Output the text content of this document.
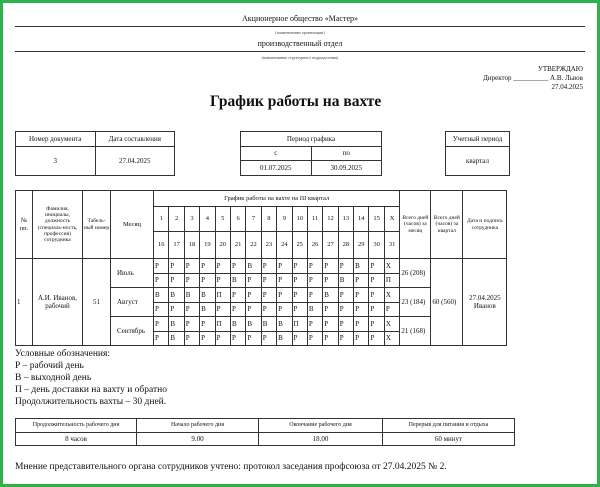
Акционерное общество «Мастер»
(наименование организации)
производственный отдел
(наименование структурного подразделения)
УТВЕРЖДАЮ
Директор __________ А.В. Львов
27.04.2025
График работы на вахте
Номер документа	Дата составления
3	27.04.2025
Период графика	
с	по
01.07.2025	30.09.2025
Учетный период
квартал
№ пп.	Фамилия, инициалы, должность (специаль-ность, профессия) сотрудника	Табель-ный номер	Месяц	График работы на вахте на III квартал																Всего дней (часов) за месяц	Всего дней (часов) за квартал	Дата и подпись сотрудника
				1	2	3	4	5	6	7	8	9	10	11	12	13	14	15	Х			
				16	17	18	19	20	21	22	23	24	25	26	27	28	29	30	31			
1	А.И. Иванов, рабочий	51	Июль	Р	Р	Р	Р	Р	Р	В	Р	Р	Р	Р	Р	Р	В	Р	Х	26 (208)	60 (560)	27.04.2025 Иванов
				Р	Р	Р	Р	Р	В	Р	Р	Р	Р	Р	Р	В	Р	Р	П			
			Август	В	В	В	В	П	Р	Р	Р	Р	Р	Р	В	Р	Р	Р	Х	23 (184)		
				Р	Р	Р	В	Р	Р	Р	Р	Р	Р	В	Р	Р	Р	Р	Р			
			Сентябрь	Р	В	Р	Р	П	В	В	В	В	П	Р	Р	Р	Р	Р	Х	21 (168)		
				Р	В	Р	Р	Р	Р	Р	Р	В	Р	Р	Р	Р	Р	Р	Х			
Условные обозначения:
Р – рабочий день
В – выходной день
П – день доставки на вахту и обратно
Продолжительность вахты – 30 дней.
Продолжительность рабочего дня	Начало рабочего дня	Окончание рабочего дня	Перерыв для питания и отдыха
8 часов	9.00	18.00	60 минут
Мнение представительного органа сотрудников учтено: протокол заседания профсоюза от 27.04.2025 № 2.
